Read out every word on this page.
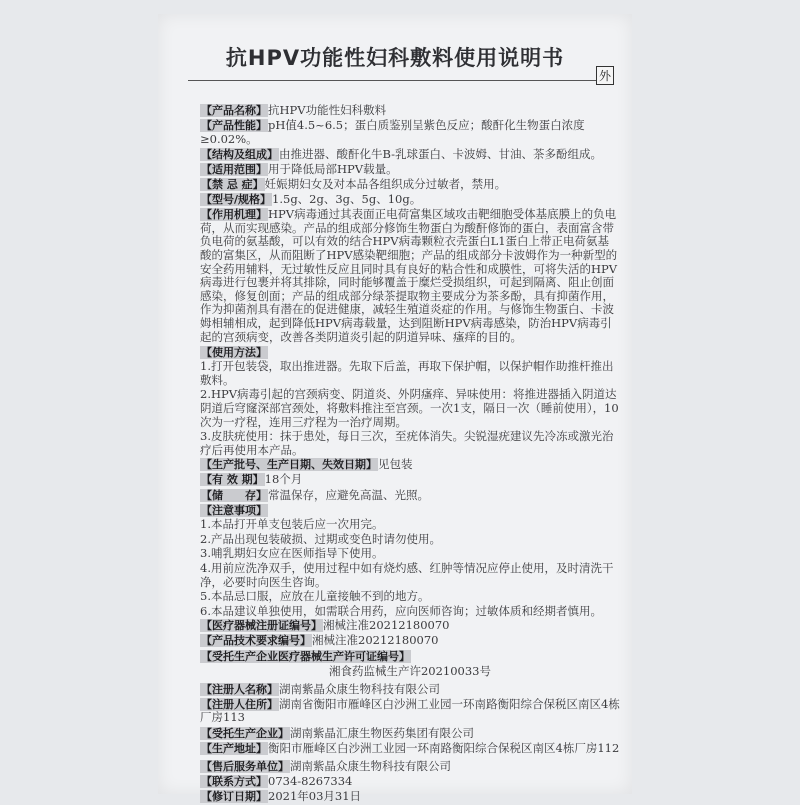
抗HPV功能性妇科敷料使用说明书
外
【产品名称】抗HPV功能性妇科敷料
【产品性能】pH值4.5~6.5；蛋白质鉴别呈紫色反应；酸酐化生物蛋白浓度≥0.02%。
【结构及组成】由推进器、酸酐化牛B-乳球蛋白、卡波姆、甘油、茶多酚组成。
【适用范围】用于降低局部HPV载量。
【禁 忌 症】妊娠期妇女及对本品各组织成分过敏者，禁用。
【型号/规格】1.5g、2g、3g、5g、10g。
【作用机理】HPV病毒通过其表面正电荷富集区域攻击靶细胞受体基底膜上的负电荷，从而实现感染。产品的组成部分修饰生物蛋白为酸酐修饰的蛋白，表面富含带负电荷的氨基酸，可以有效的结合HPV病毒颗粒衣壳蛋白L1蛋白上带正电荷氨基酸的富集区，从而阻断了HPV感染靶细胞；产品的组成部分卡波姆作为一种新型的安全药用辅料，无过敏性反应且同时具有良好的粘合性和成膜性，可将失活的HPV病毒进行包裹并将其排除，同时能够覆盖于糜烂受损组织，可起到隔离、阻止创面感染，修复创面；产品的组成部分绿茶提取物主要成分为茶多酚，具有抑菌作用，作为抑菌剂具有潜在的促进健康，减轻生殖道炎症的作用。与修饰生物蛋白、卡波姆相辅相成，起到降低HPV病毒载量，达到阻断HPV病毒感染，防治HPV病毒引起的宫颈病变，改善各类阴道炎引起的阴道异味、瘙痒的目的。
【使用方法】
1.打开包装袋，取出推进器。先取下后盖，再取下保护帽，以保护帽作助推杆推出敷料。
2.HPV病毒引起的宫颈病变、阴道炎、外阴瘙痒、异味使用：将推进器插入阴道达阴道后穹窿深部宫颈处，将敷料推注至宫颈。一次1支，隔日一次（睡前使用），10次为一疗程，连用三疗程为一治疗周期。
3.皮肤疣使用：抹于患处，每日三次，至疣体消失。尖锐湿疣建议先冷冻或激光治疗后再使用本产品。
【生产批号、生产日期、失效日期】见包装
【有 效 期】18个月
【储　　存】常温保存，应避免高温、光照。
【注意事项】
1.本品打开单支包装后应一次用完。
2.产品出现包装破损、过期或变色时请勿使用。
3.哺乳期妇女应在医师指导下使用。
4.用前应洗净双手，使用过程中如有烧灼感、红肿等情况应停止使用，及时清洗干净，必要时向医生咨询。
5.本品忌口服，应放在儿童接触不到的地方。
6.本品建议单独使用，如需联合用药，应向医师咨询；过敏体质和经期者慎用。
【医疗器械注册证编号】湘械注准20212180070
【产品技术要求编号】湘械注准20212180070
【受托生产企业医疗器械生产许可证编号】
湘食药监械生产许20210033号
【注册人名称】湖南紫晶众康生物科技有限公司
【注册人住所】湖南省衡阳市雁峰区白沙洲工业园一环南路衡阳综合保税区南区4栋厂房113
【受托生产企业】湖南紫晶汇康生物医药集团有限公司
【生产地址】衡阳市雁峰区白沙洲工业园一环南路衡阳综合保税区南区4栋厂房112
【售后服务单位】湖南紫晶众康生物科技有限公司
【联系方式】0734-8267334
【修订日期】2021年03月31日
